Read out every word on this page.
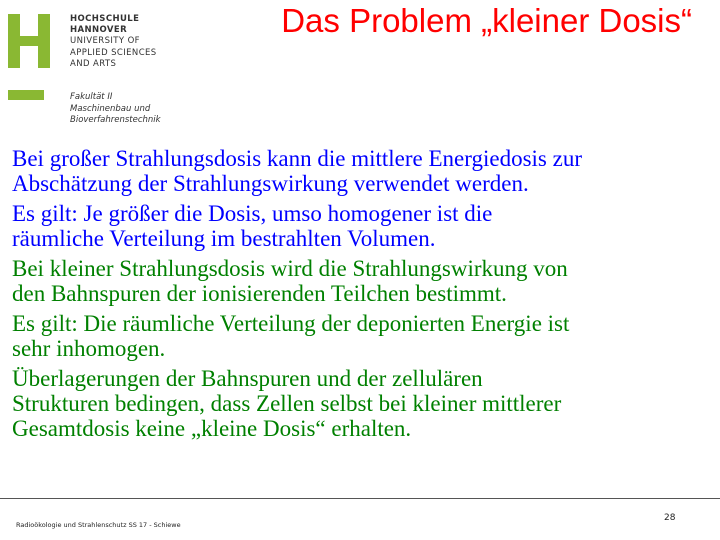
HOCHSCHULE
HANNOVER
UNIVERSITY OF
APPLIED SCIENCES
AND ARTS
Fakultät II
Maschinenbau und
Bioverfahrenstechnik
Das Problem „kleiner Dosis“
Bei großer Strahlungsdosis kann die mittlere Energiedosis zur
Abschätzung der Strahlungswirkung verwendet werden.
Es gilt: Je größer die Dosis, umso homogener ist die
räumliche Verteilung im bestrahlten Volumen.
Bei kleiner Strahlungsdosis wird die Strahlungswirkung von
den Bahnspuren der ionisierenden Teilchen bestimmt.
Es gilt: Die räumliche Verteilung der deponierten Energie ist
sehr inhomogen.
Überlagerungen der Bahnspuren und der zellulären
Strukturen bedingen, dass Zellen selbst bei kleiner mittlerer
Gesamtdosis keine „kleine Dosis“ erhalten.
Radioökologie und Strahlenschutz SS 17 - Schiewe
28
